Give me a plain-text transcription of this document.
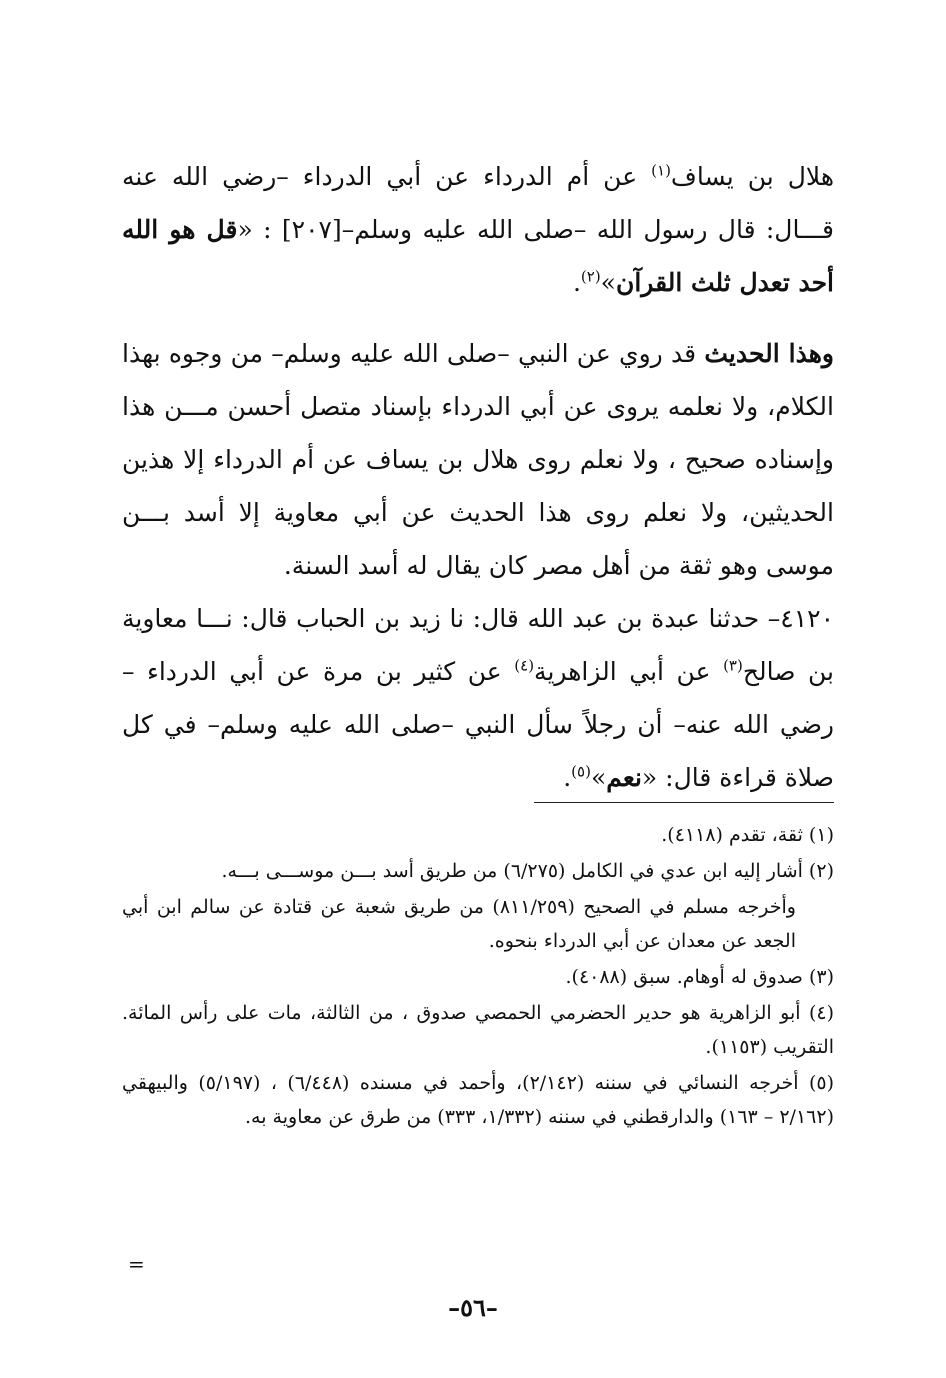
هلال بن يساف$^{(١)}$ عن أم الدرداء عن أبي الدرداء –رضي الله عنه قـــال: قال رسول الله –صلى الله عليه وسلم–[٢٠٧] : «قل هو الله أحد تعدل ثلث القرآن»$^{(٢)}$.

وهذا الحديث قد روي عن النبي –صلى الله عليه وسلم– من وجوه بهذا الكلام، ولا نعلمه يروى عن أبي الدرداء بإسناد متصل أحسن مـــن هذا وإسناده صحيح ، ولا نعلم روى هلال بن يساف عن أم الدرداء إلا هذين الحديثين، ولا نعلم روى هذا الحديث عن أبي معاوية إلا أسد بـــن موسى وهو ثقة من أهل مصر كان يقال له أسد السنة.

٤١٢٠– حدثنا عبدة بن عبد الله قال: نا زيد بن الحباب قال: نـــا معاوية بن صالح$^{(٣)}$ عن أبي الزاهرية$^{(٤)}$ عن كثير بن مرة عن أبي الدرداء – رضي الله عنه– أن رجلاً سأل النبي –صلى الله عليه وسلم– في كل صلاة قراءة قال: «نعم»$^{(٥)}$.

(١) ثقة، تقدم (٤١١٨).

(٢) أشار إليه ابن عدي في الكامل (٦/٢٧٥) من طريق أسد بـــن موســـى بـــه.

وأخرجه مسلم في الصحيح (٨١١/٢٥٩) من طريق شعبة عن قتادة عن سالم ابن أبي الجعد عن معدان عن أبي الدرداء بنحوه.

(٣) صدوق له أوهام. سبق (٤٠٨٨).

(٤) أبو الزاهرية هو حدير الحضرمي الحمصي صدوق ، من الثالثة، مات على رأس المائة. التقريب (١١٥٣).

(٥) أخرجه النسائي في سننه (٢/١٤٢)، وأحمد في مسنده (٦/٤٤٨) ، (٥/١٩٧) والبيهقي (٢/١٦٢ – ١٦٣) والدارقطني في سننه (١/٣٣٢، ٣٣٣) من طرق عن معاوية به.

=
–٥٦–
